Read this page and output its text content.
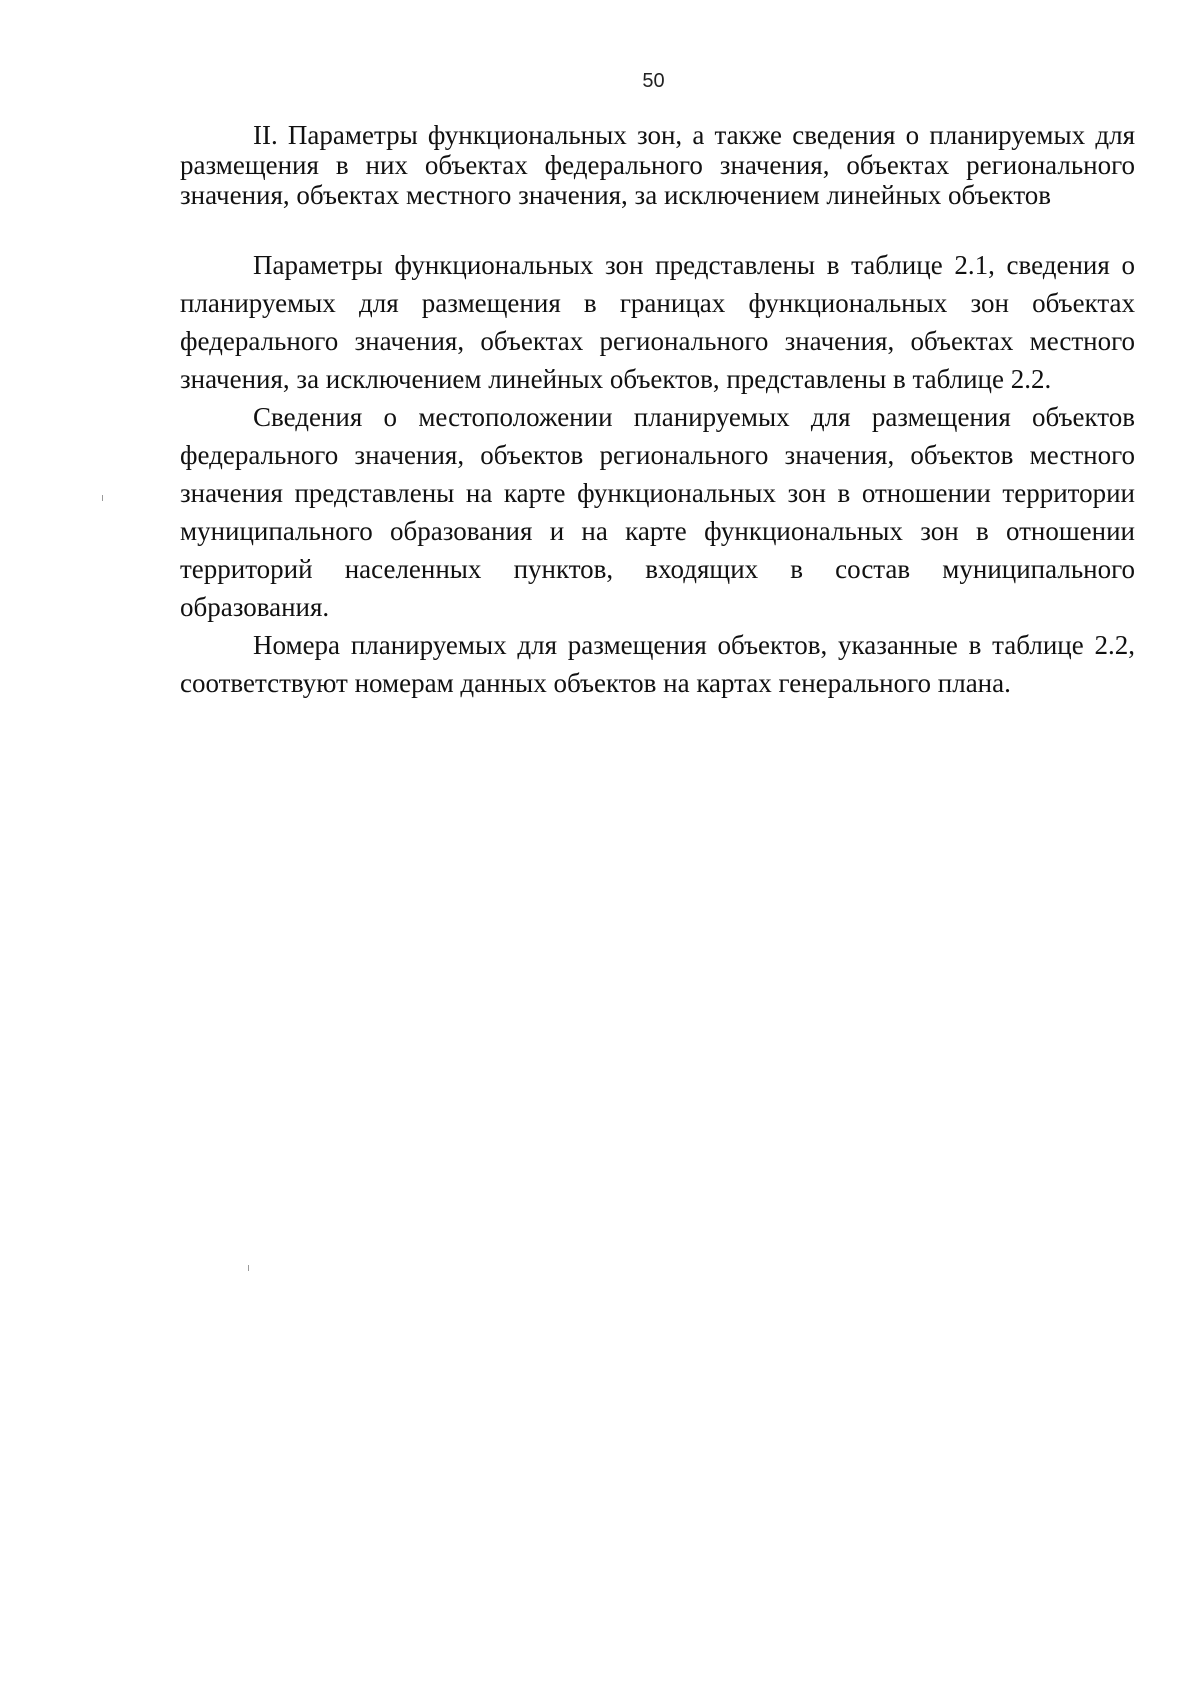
50
II. Параметры функциональных зон, а также сведения о планируемых для размещения в них объектах федерального значения, объектах регионального значения, объектах местного значения, за исключением линейных объектов

Параметры функциональных зон представлены в таблице 2.1, сведения о планируемых для размещения в границах функциональных зон объектах федерального значения, объектах регионального значения, объектах местного значения, за исключением линейных объектов, представлены в таблице 2.2.

Сведения о местоположении планируемых для размещения объектов федерального значения, объектов регионального значения, объектов местного значения представлены на карте функциональных зон в отношении территории муниципального образования и на карте функциональных зон в отношении территорий населенных пунктов, входящих в состав муниципального образования.

Номера планируемых для размещения объектов, указанные в таблице 2.2, соответствуют номерам данных объектов на картах генерального плана.
